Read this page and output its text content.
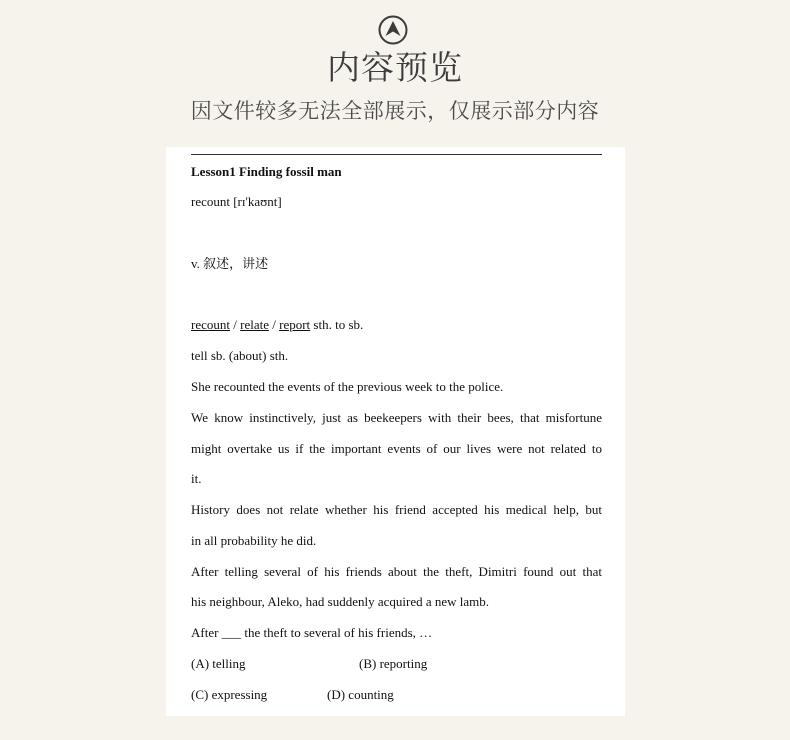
内容预览
因文件较多无法全部展示，仅展示部分内容
Lesson1 Finding fossil man
recount [rɪ'kaʊnt]
v. 叙述，讲述
recount / relate / report sth. to sb.
tell sb. (about) sth.
She recounted the events of the previous week to the police.
We know instinctively, just as beekeepers with their bees, that misfortune
might overtake us if the important events of our lives were not related to
it.
History does not relate whether his friend accepted his medical help, but
in all probability he did.
After telling several of his friends about the theft, Dimitri found out that
his neighbour, Aleko, had suddenly acquired a new lamb.
After ___ the theft to several of his friends, …
(A) telling	(B) reporting
(C) expressing	(D) counting
